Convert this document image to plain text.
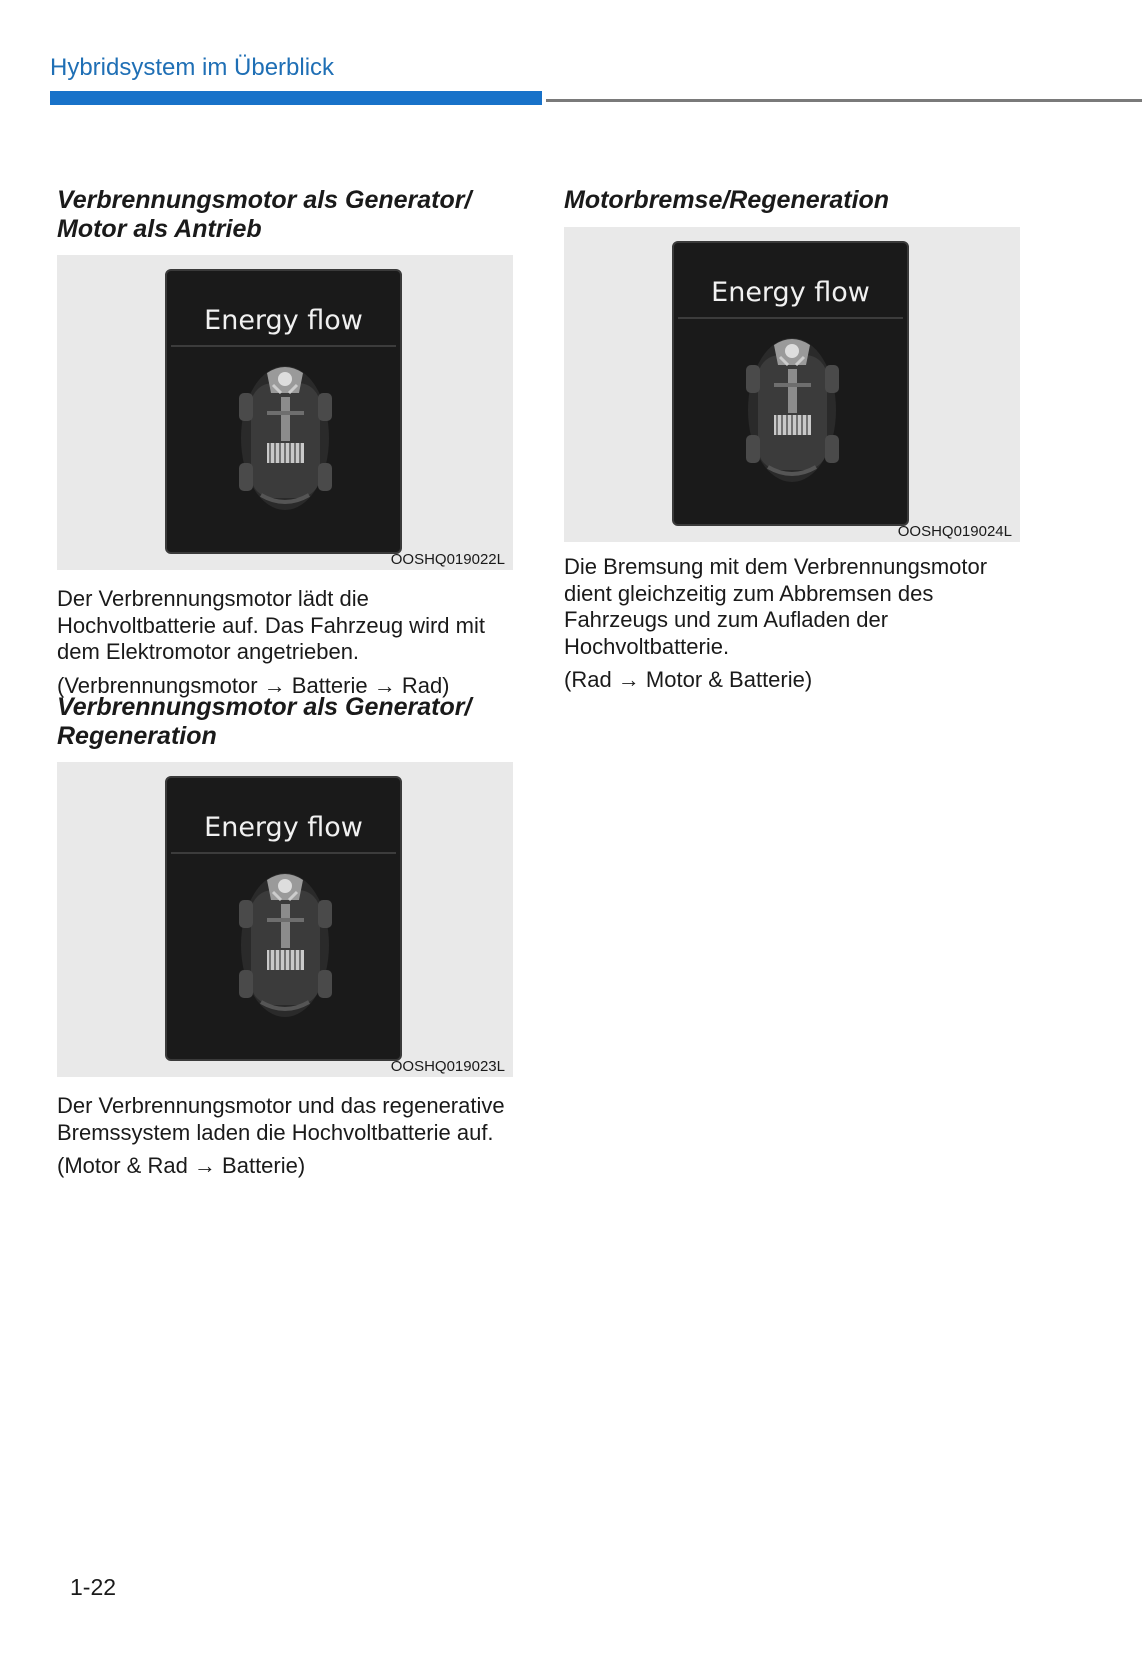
Hybridsystem im Überblick
Verbrennungsmotor als Generator/
Motor als Antrieb
Energy flow
OOSHQ019022L

Der Verbrennungsmotor lädt die Hochvoltbatterie auf. Das Fahrzeug wird mit dem Elektromotor angetrieben.

(Verbrennungsmotor → Batterie → Rad)

Verbrennungsmotor als Generator/
Regeneration
Energy flow
OOSHQ019023L

Der Verbrennungsmotor und das regenerative Bremssystem laden die Hochvoltbatterie auf.

(Motor & Rad → Batterie)

Motorbremse/Regeneration
Energy flow
OOSHQ019024L

Die Bremsung mit dem Verbrennungsmotor dient gleichzeitig zum Abbremsen des Fahrzeugs und zum Aufladen der Hochvoltbatterie.

(Rad → Motor & Batterie)

1-22
